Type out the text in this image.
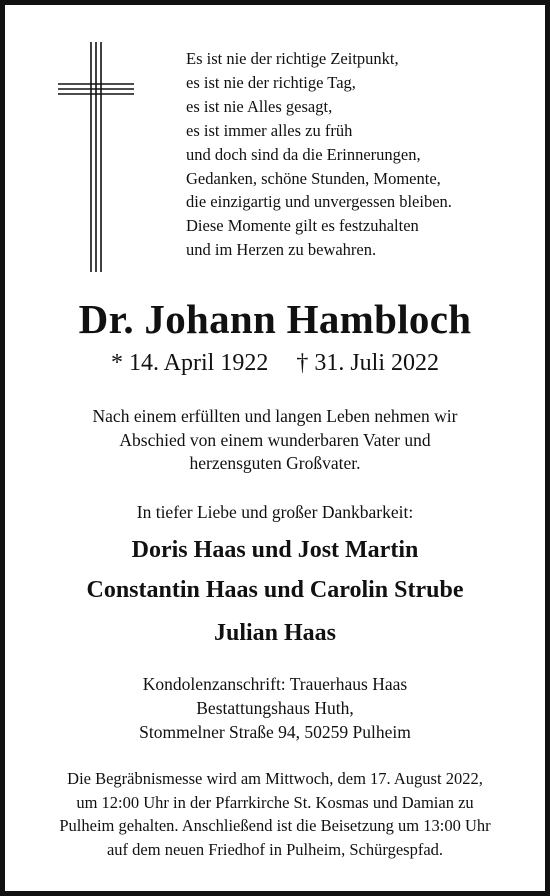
Es ist nie der richtige Zeitpunkt,
es ist nie der richtige Tag,
es ist nie Alles gesagt,
es ist immer alles zu früh
und doch sind da die Erinnerungen,
Gedanken, schöne Stunden, Momente,
die einzigartig und unvergessen bleiben.
Diese Momente gilt es festzuhalten
und im Herzen zu bewahren.
Dr. Johann Hambloch
* 14. April 1922 † 31. Juli 2022
Nach einem erfüllten und langen Leben nehmen wir
Abschied von einem wunderbaren Vater und
herzensguten Großvater.
In tiefer Liebe und großer Dankbarkeit:
Doris Haas und Jost Martin
Constantin Haas und Carolin Strube
Julian Haas
Kondolenzanschrift: Trauerhaus Haas
Bestattungshaus Huth,
Stommelner Straße 94, 50259 Pulheim
Die Begräbnismesse wird am Mittwoch, dem 17. August 2022,
um 12:00 Uhr in der Pfarrkirche St. Kosmas und Damian zu
Pulheim gehalten. Anschließend ist die Beisetzung um 13:00 Uhr
auf dem neuen Friedhof in Pulheim, Schürgespfad.
